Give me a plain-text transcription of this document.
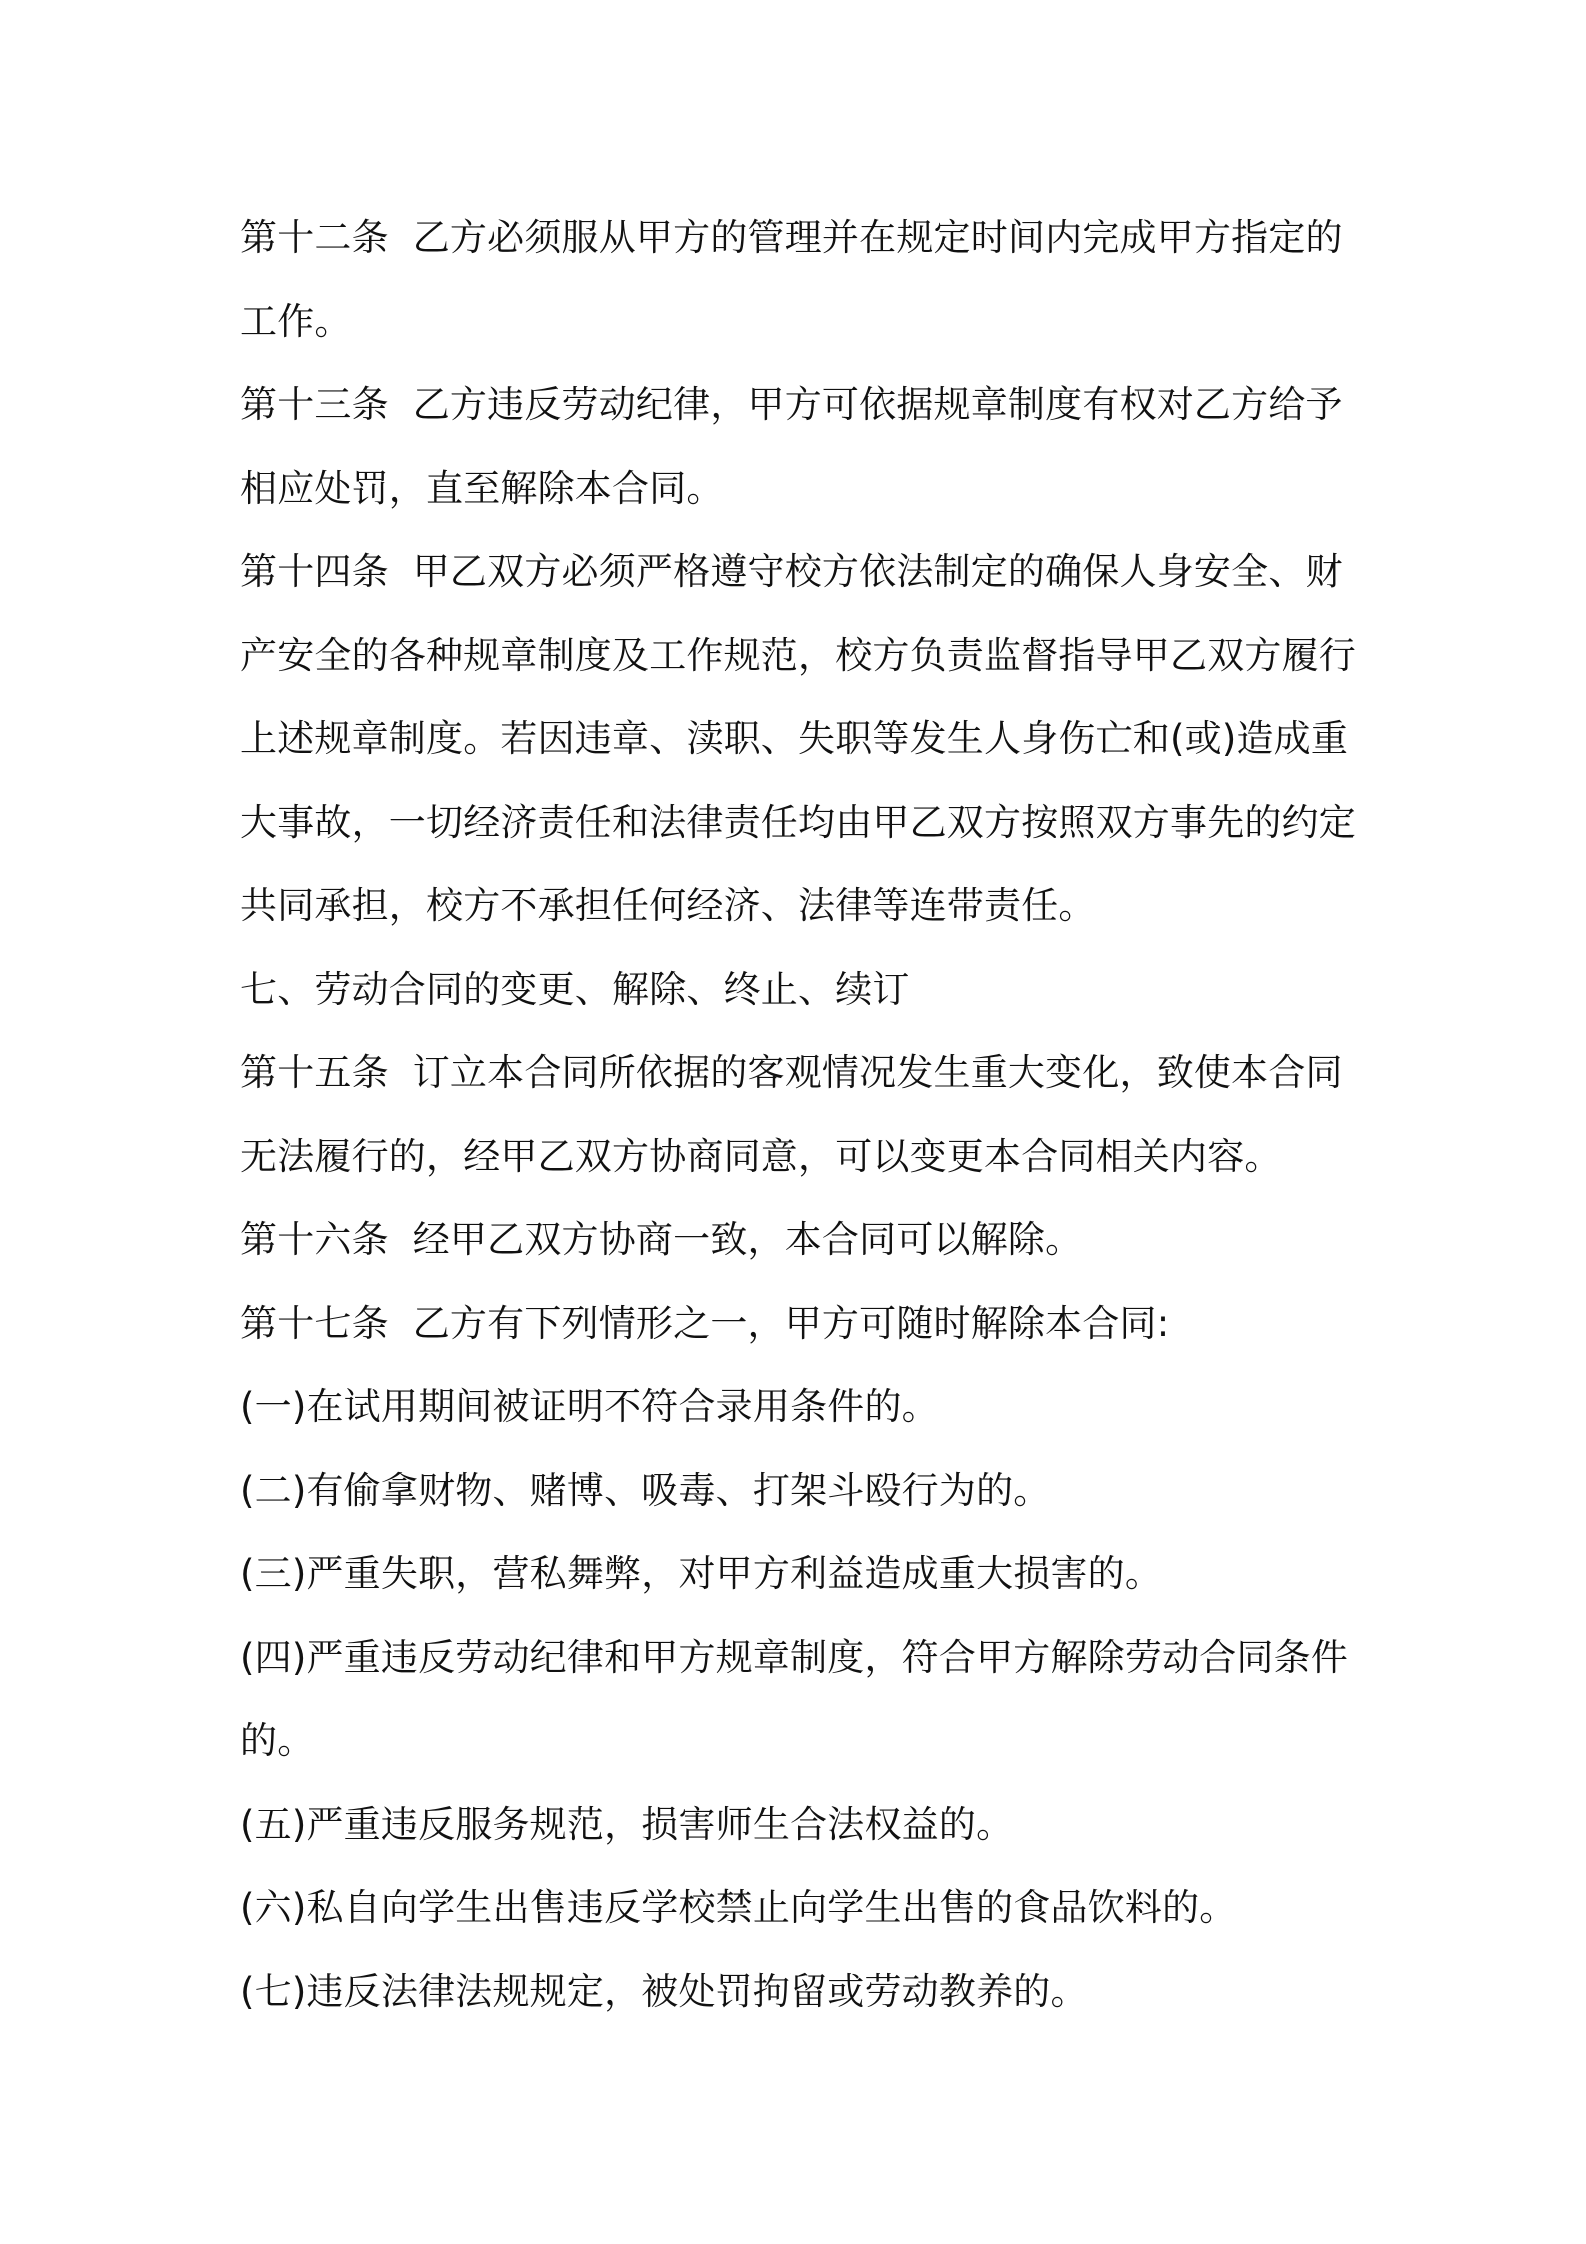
第十二条  乙方必须服从甲方的管理并在规定时间内完成甲方指定的
工作。
第十三条  乙方违反劳动纪律，甲方可依据规章制度有权对乙方给予
相应处罚，直至解除本合同。
第十四条  甲乙双方必须严格遵守校方依法制定的确保人身安全、财
产安全的各种规章制度及工作规范，校方负责监督指导甲乙双方履行
上述规章制度。若因违章、渎职、失职等发生人身伤亡和(或)造成重
大事故，一切经济责任和法律责任均由甲乙双方按照双方事先的约定
共同承担，校方不承担任何经济、法律等连带责任。
七、劳动合同的变更、解除、终止、续订
第十五条  订立本合同所依据的客观情况发生重大变化，致使本合同
无法履行的，经甲乙双方协商同意，可以变更本合同相关内容。
第十六条  经甲乙双方协商一致，本合同可以解除。
第十七条  乙方有下列情形之一，甲方可随时解除本合同:
(一)在试用期间被证明不符合录用条件的。
(二)有偷拿财物、赌博、吸毒、打架斗殴行为的。
(三)严重失职，营私舞弊，对甲方利益造成重大损害的。
(四)严重违反劳动纪律和甲方规章制度，符合甲方解除劳动合同条件
的。
(五)严重违反服务规范，损害师生合法权益的。
(六)私自向学生出售违反学校禁止向学生出售的食品饮料的。
(七)违反法律法规规定，被处罚拘留或劳动教养的。
